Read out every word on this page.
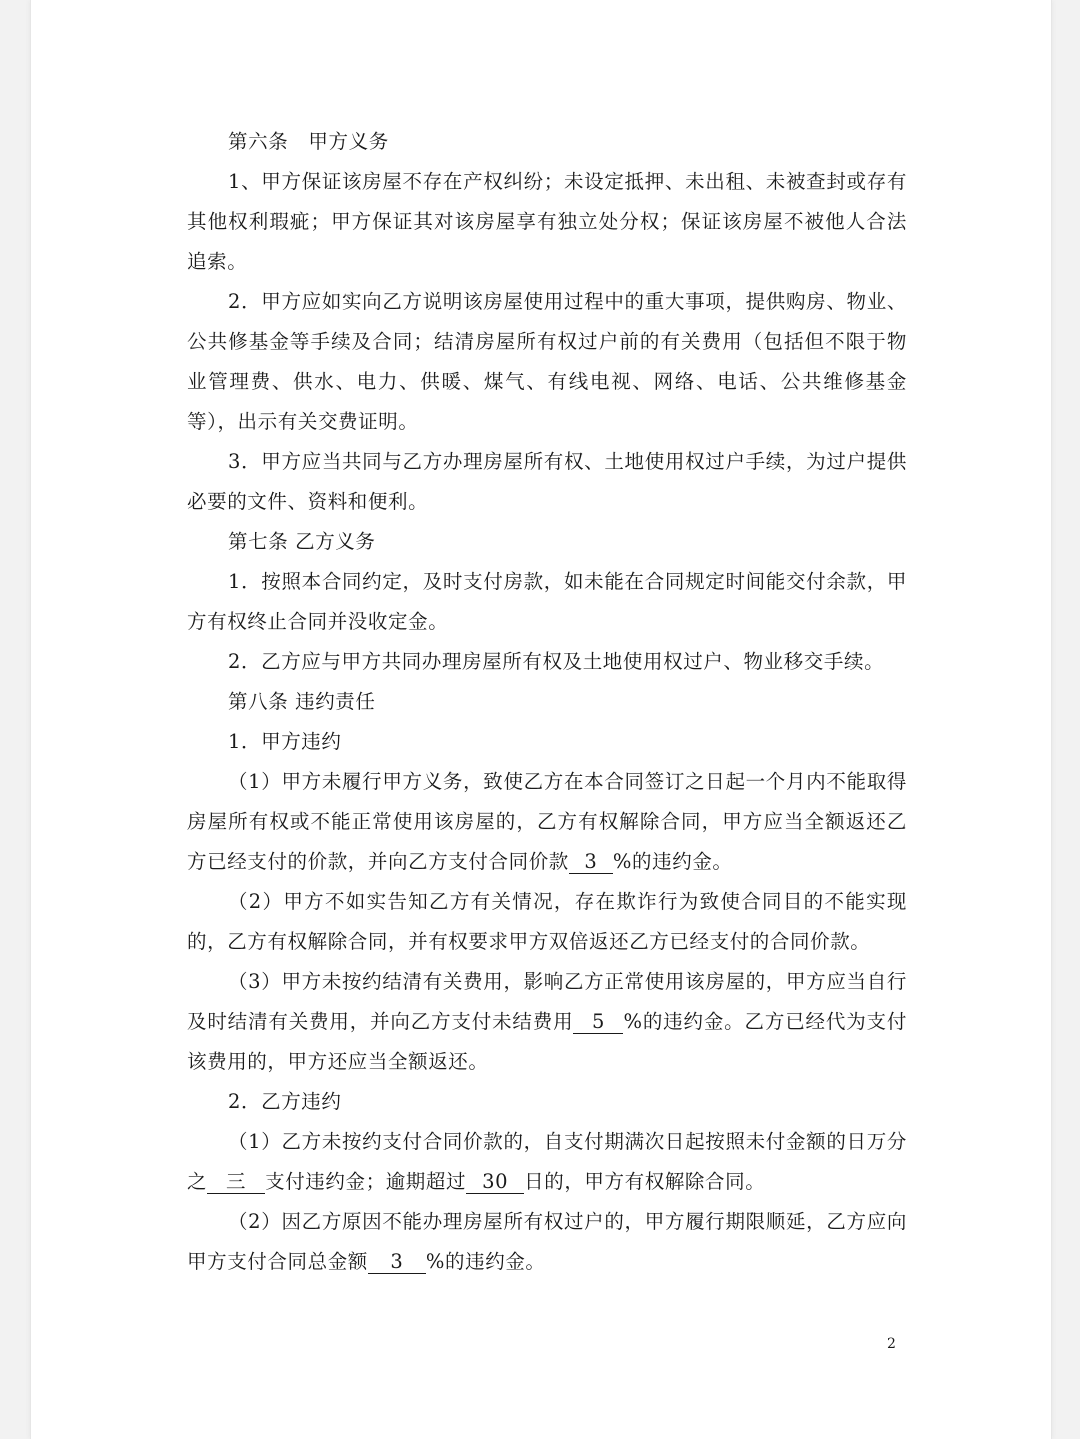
第六条　甲方义务

1、甲方保证该房屋不存在产权纠纷；未设定抵押、未出租、未被查封或存有其他权利瑕疵；甲方保证其对该房屋享有独立处分权；保证该房屋不被他人合法追索。

2．甲方应如实向乙方说明该房屋使用过程中的重大事项，提供购房、物业、公共修基金等手续及合同；结清房屋所有权过户前的有关费用（包括但不限于物业管理费、供水、电力、供暖、煤气、有线电视、网络、电话、公共维修基金等），出示有关交费证明。

3．甲方应当共同与乙方办理房屋所有权、土地使用权过户手续，为过户提供必要的文件、资料和便利。

第七条 乙方义务

1．按照本合同约定，及时支付房款，如未能在合同规定时间能交付余款，甲方有权终止合同并没收定金。

2．乙方应与甲方共同办理房屋所有权及土地使用权过户、物业移交手续。

第八条 违约责任

1．甲方违约

（1）甲方未履行甲方义务，致使乙方在本合同签订之日起一个月内不能取得房屋所有权或不能正常使用该房屋的，乙方有权解除合同，甲方应当全额返还乙方已经支付的价款，并向乙方支付合同价款 3 %的违约金。

（2）甲方不如实告知乙方有关情况，存在欺诈行为致使合同目的不能实现的，乙方有权解除合同，并有权要求甲方双倍返还乙方已经支付的合同价款。

（3）甲方未按约结清有关费用，影响乙方正常使用该房屋的，甲方应当自行及时结清有关费用，并向乙方支付未结费用 5 %的违约金。乙方已经代为支付该费用的，甲方还应当全额返还。

2．乙方违约

（1）乙方未按约支付合同价款的，自支付期满次日起按照未付金额的日万分之 三 支付违约金；逾期超过 30 日的，甲方有权解除合同。

（2）因乙方原因不能办理房屋所有权过户的，甲方履行期限顺延，乙方应向甲方支付合同总金额 3 %的违约金。

2
